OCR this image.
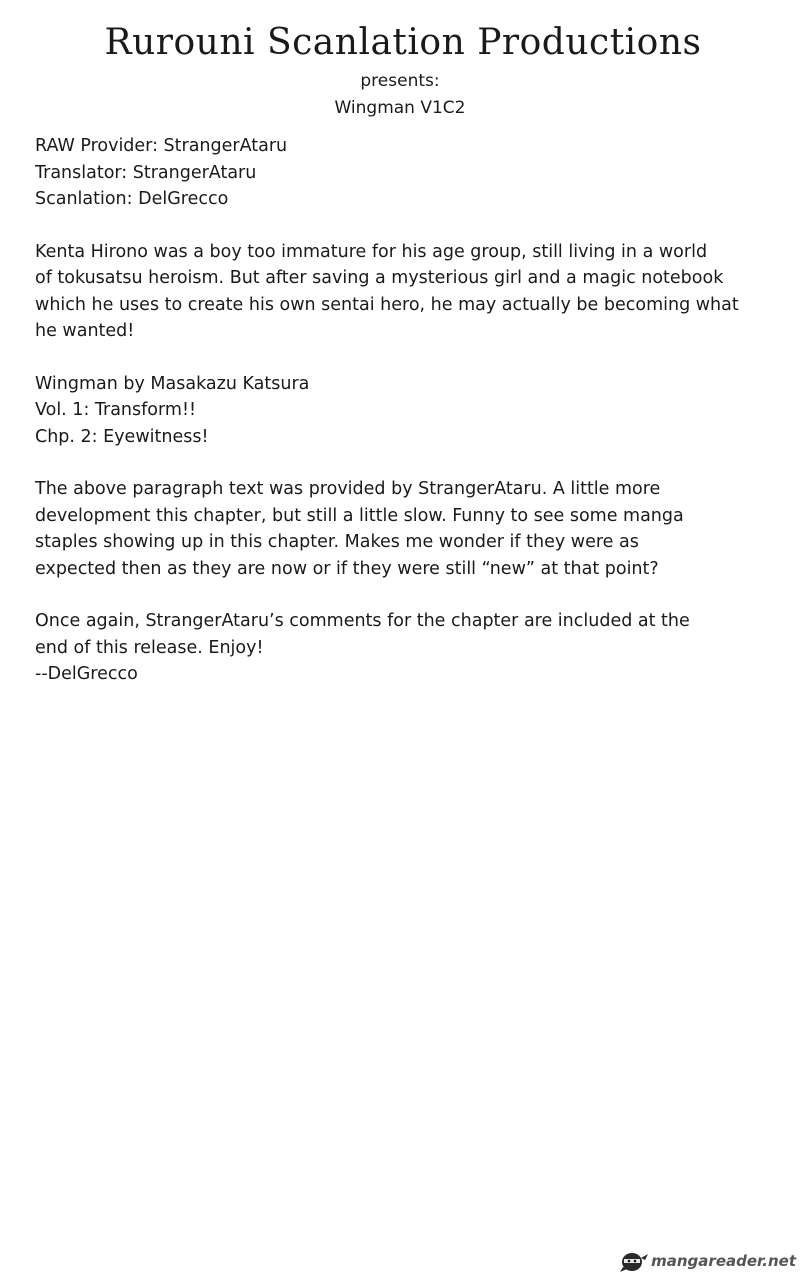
Rurouni Scanlation Productions

presents:

Wingman V1C2

RAW Provider: StrangerAtaru
Translator: StrangerAtaru
Scanlation: DelGrecco
Kenta Hirono was a boy too immature for his age group, still living in a world
of tokusatsu heroism. But after saving a mysterious girl and a magic notebook
which he uses to create his own sentai hero, he may actually be becoming what
he wanted!
Wingman by Masakazu Katsura
Vol. 1: Transform!!
Chp. 2: Eyewitness!
The above paragraph text was provided by StrangerAtaru. A little more
development this chapter, but still a little slow. Funny to see some manga
staples showing up in this chapter. Makes me wonder if they were as
expected then as they are now or if they were still “new” at that point?
Once again, StrangerAtaru’s comments for the chapter are included at the
end of this release. Enjoy!
--DelGrecco
mangareader.net
